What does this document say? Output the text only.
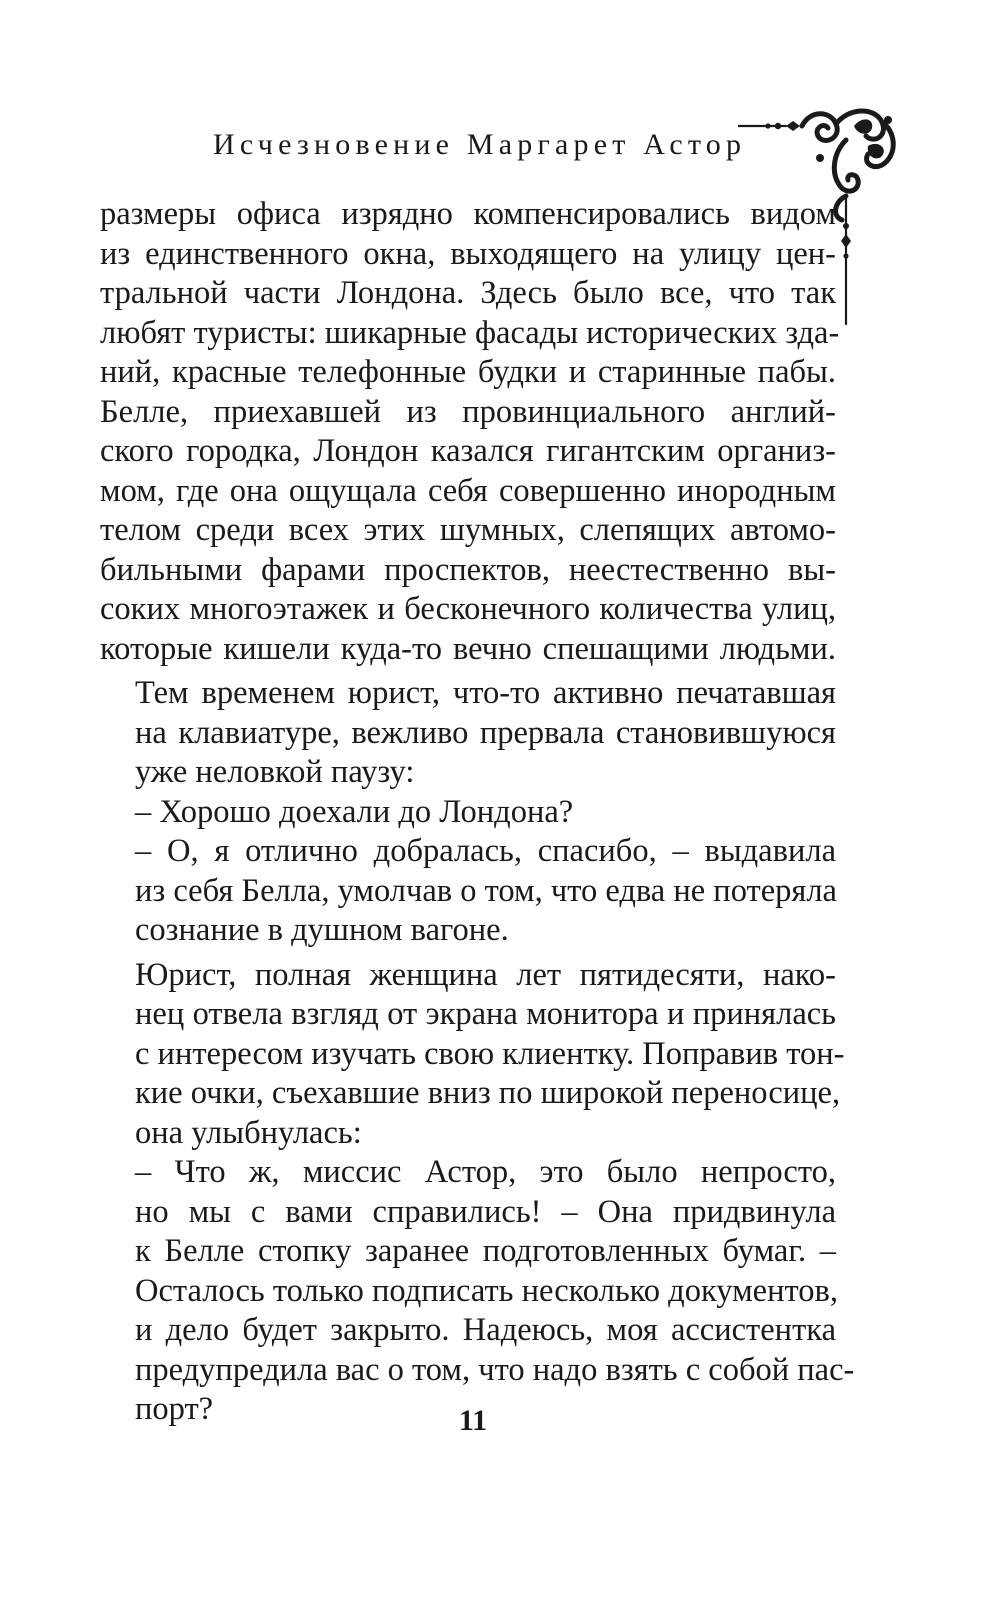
Исчезновение Маргарет Астор

размеры офиса изрядно компенсировались видом
из единственного окна, выходящего на улицу цен-
тральной части Лондона. Здесь было все, что так
любят туристы: шикарные фасады исторических зда-
ний, красные телефонные будки и старинные пабы.
Белле, приехавшей из провинциального англий-
ского городка, Лондон казался гигантским организ-
мом, где она ощущала себя совершенно инородным
телом среди всех этих шумных, слепящих автомо-
бильными фарами проспектов, неестественно вы-
соких многоэтажек и бесконечного количества улиц,
которые кишели куда-то вечно спешащими людьми.

Тем временем юрист, что-то активно печатавшая
на клавиатуре, вежливо прервала становившуюся
уже неловкой паузу:

– Хорошо доехали до Лондона?

– О, я отлично добралась, спасибо, – выдавила
из себя Белла, умолчав о том, что едва не потеряла
сознание в душном вагоне.

Юрист, полная женщина лет пятидесяти, нако-
нец отвела взгляд от экрана монитора и принялась
с интересом изучать свою клиентку. Поправив тон-
кие очки, съехавшие вниз по широкой переносице,
она улыбнулась:

– Что ж, миссис Астор, это было непросто,
но мы с вами справились! – Она придвинула
к Белле стопку заранее подготовленных бумаг. –
Осталось только подписать несколько документов,
и дело будет закрыто. Надеюсь, моя ассистентка
предупредила вас о том, что надо взять с собой пас-
порт?	11
